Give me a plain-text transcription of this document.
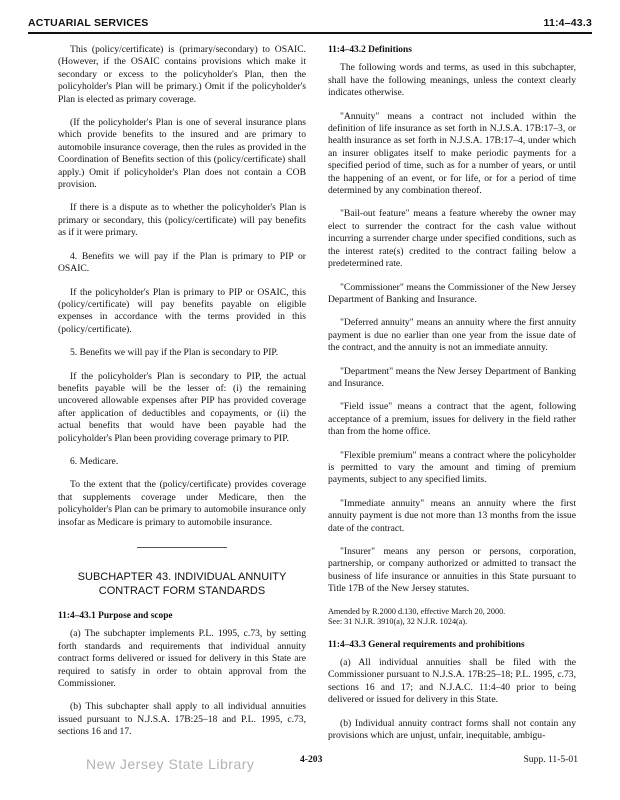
ACTUARIAL SERVICES	11:4–43.3

This (policy/certificate) is (primary/secondary) to OSAIC. (However, if the OSAIC contains provisions which make it secondary or excess to the policyholder's Plan, then the policyholder's Plan will be primary.) Omit if the policyholder's Plan is elected as primary coverage.

(If the policyholder's Plan is one of several insurance plans which provide benefits to the insured and are primary to automobile insurance coverage, then the rules as provided in the Coordination of Benefits section of this (policy/certificate) shall apply.) Omit if policyholder's Plan does not contain a COB provision.

If there is a dispute as to whether the policyholder's Plan is primary or secondary, this (policy/certificate) will pay benefits as if it were primary.

4. Benefits we will pay if the Plan is primary to PIP or OSAIC.

If the policyholder's Plan is primary to PIP or OSAIC, this (policy/certificate) will pay benefits payable on eligible expenses in accordance with the terms provided in this (policy/certificate).

5. Benefits we will pay if the Plan is secondary to PIP.

If the policyholder's Plan is secondary to PIP, the actual benefits payable will be the lesser of: (i) the remaining uncovered allowable expenses after PIP has provided coverage after application of deductibles and copayments, or (ii) the actual benefits that would have been payable had the policyholder's Plan been providing coverage primary to PIP.

6. Medicare.

To the extent that the (policy/certificate) provides coverage that supplements coverage under Medicare, then the policyholder's Plan can be primary to automobile insurance only insofar as Medicare is primary to automobile insurance.

SUBCHAPTER 43. INDIVIDUAL ANNUITY
CONTRACT FORM STANDARDS
11:4–43.1 Purpose and scope

(a) The subchapter implements P.L. 1995, c.73, by setting forth standards and requirements that individual annuity contract forms delivered or issued for delivery in this State are required to satisfy in order to obtain approval from the Commissioner.

(b) This subchapter shall apply to all individual annuities issued pursuant to N.J.S.A. 17B:25–18 and P.L. 1995, c.73, sections 16 and 17.

11:4–43.2 Definitions

The following words and terms, as used in this subchapter, shall have the following meanings, unless the context clearly indicates otherwise.

"Annuity" means a contract not included within the definition of life insurance as set forth in N.J.S.A. 17B:17–3, or health insurance as set forth in N.J.S.A. 17B:17–4, under which an insurer obligates itself to make periodic payments for a specified period of time, such as for a number of years, or until the happening of an event, or for life, or for a period of time determined by any combination thereof.

"Bail-out feature" means a feature whereby the owner may elect to surrender the contract for the cash value without incurring a surrender charge under specified conditions, such as the interest rate(s) credited to the contract failing below a predetermined rate.

"Commissioner" means the Commissioner of the New Jersey Department of Banking and Insurance.

"Deferred annuity" means an annuity where the first annuity payment is due no earlier than one year from the issue date of the contract, and the annuity is not an immediate annuity.

"Department" means the New Jersey Department of Banking and Insurance.

"Field issue" means a contract that the agent, following acceptance of a premium, issues for delivery in the field rather than from the home office.

"Flexible premium" means a contract where the policyholder is permitted to vary the amount and timing of premium payments, subject to any specified limits.

"Immediate annuity" means an annuity where the first annuity payment is due not more than 13 months from the issue date of the contract.

"Insurer" means any person or persons, corporation, partnership, or company authorized or admitted to transact the business of life insurance or annuities in this State pursuant to Title 17B of the New Jersey statutes.

Amended by R.2000 d.130, effective March 20, 2000.
See: 31 N.J.R. 3910(a), 32 N.J.R. 1024(a).
11:4–43.3 General requirements and prohibitions

(a) All individual annuities shall be filed with the Commissioner pursuant to N.J.S.A. 17B:25–18; P.L. 1995, c.73, sections 16 and 17; and N.J.A.C. 11:4–40 prior to being delivered or issued for delivery in this State.

(b) Individual annuity contract forms shall not contain any provisions which are unjust, unfair, inequitable, ambigu-

New Jersey State Library	4-203	Supp. 11-5-01
